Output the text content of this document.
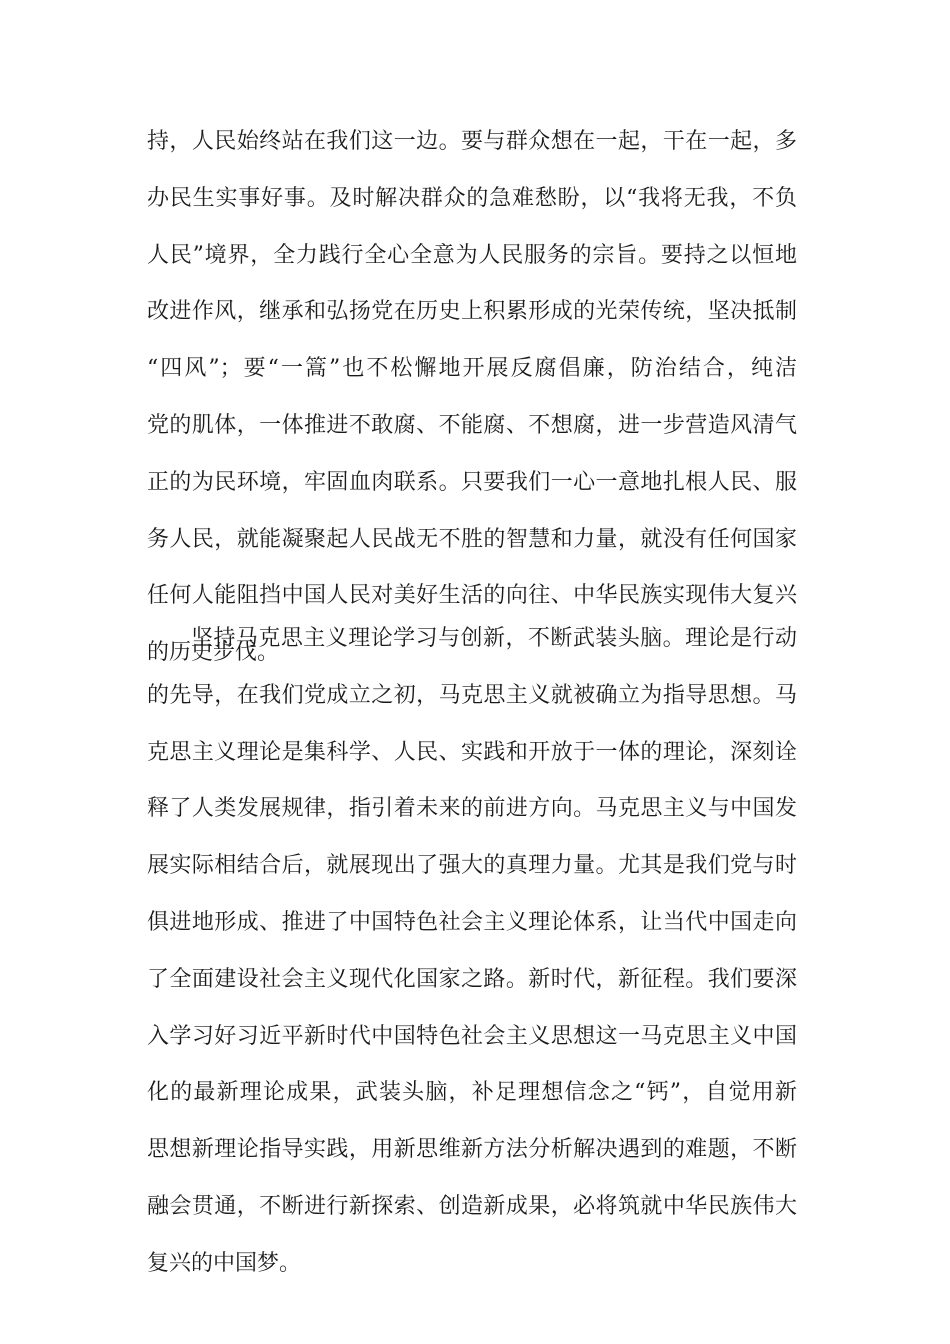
持，人民始终站在我们这一边。要与群众想在一起，干在一起，多
办民生实事好事。及时解决群众的急难愁盼，以“我将无我，不负
人民”境界，全力践行全心全意为人民服务的宗旨。要持之以恒地
改进作风，继承和弘扬党在历史上积累形成的光荣传统，坚决抵制
“四风”；要“一篙”也不松懈地开展反腐倡廉，防治结合，纯洁
党的肌体，一体推进不敢腐、不能腐、不想腐，进一步营造风清气
正的为民环境，牢固血肉联系。只要我们一心一意地扎根人民、服
务人民，就能凝聚起人民战无不胜的智慧和力量，就没有任何国家
任何人能阻挡中国人民对美好生活的向往、中华民族实现伟大复兴
的历史步伐。
坚持马克思主义理论学习与创新，不断武装头脑。理论是行动
的先导，在我们党成立之初，马克思主义就被确立为指导思想。马
克思主义理论是集科学、人民、实践和开放于一体的理论，深刻诠
释了人类发展规律，指引着未来的前进方向。马克思主义与中国发
展实际相结合后，就展现出了强大的真理力量。尤其是我们党与时
俱进地形成、推进了中国特色社会主义理论体系，让当代中国走向
了全面建设社会主义现代化国家之路。新时代，新征程。我们要深
入学习好习近平新时代中国特色社会主义思想这一马克思主义中国
化的最新理论成果，武装头脑，补足理想信念之“钙”，自觉用新
思想新理论指导实践，用新思维新方法分析解决遇到的难题，不断
融会贯通，不断进行新探索、创造新成果，必将筑就中华民族伟大
复兴的中国梦。
